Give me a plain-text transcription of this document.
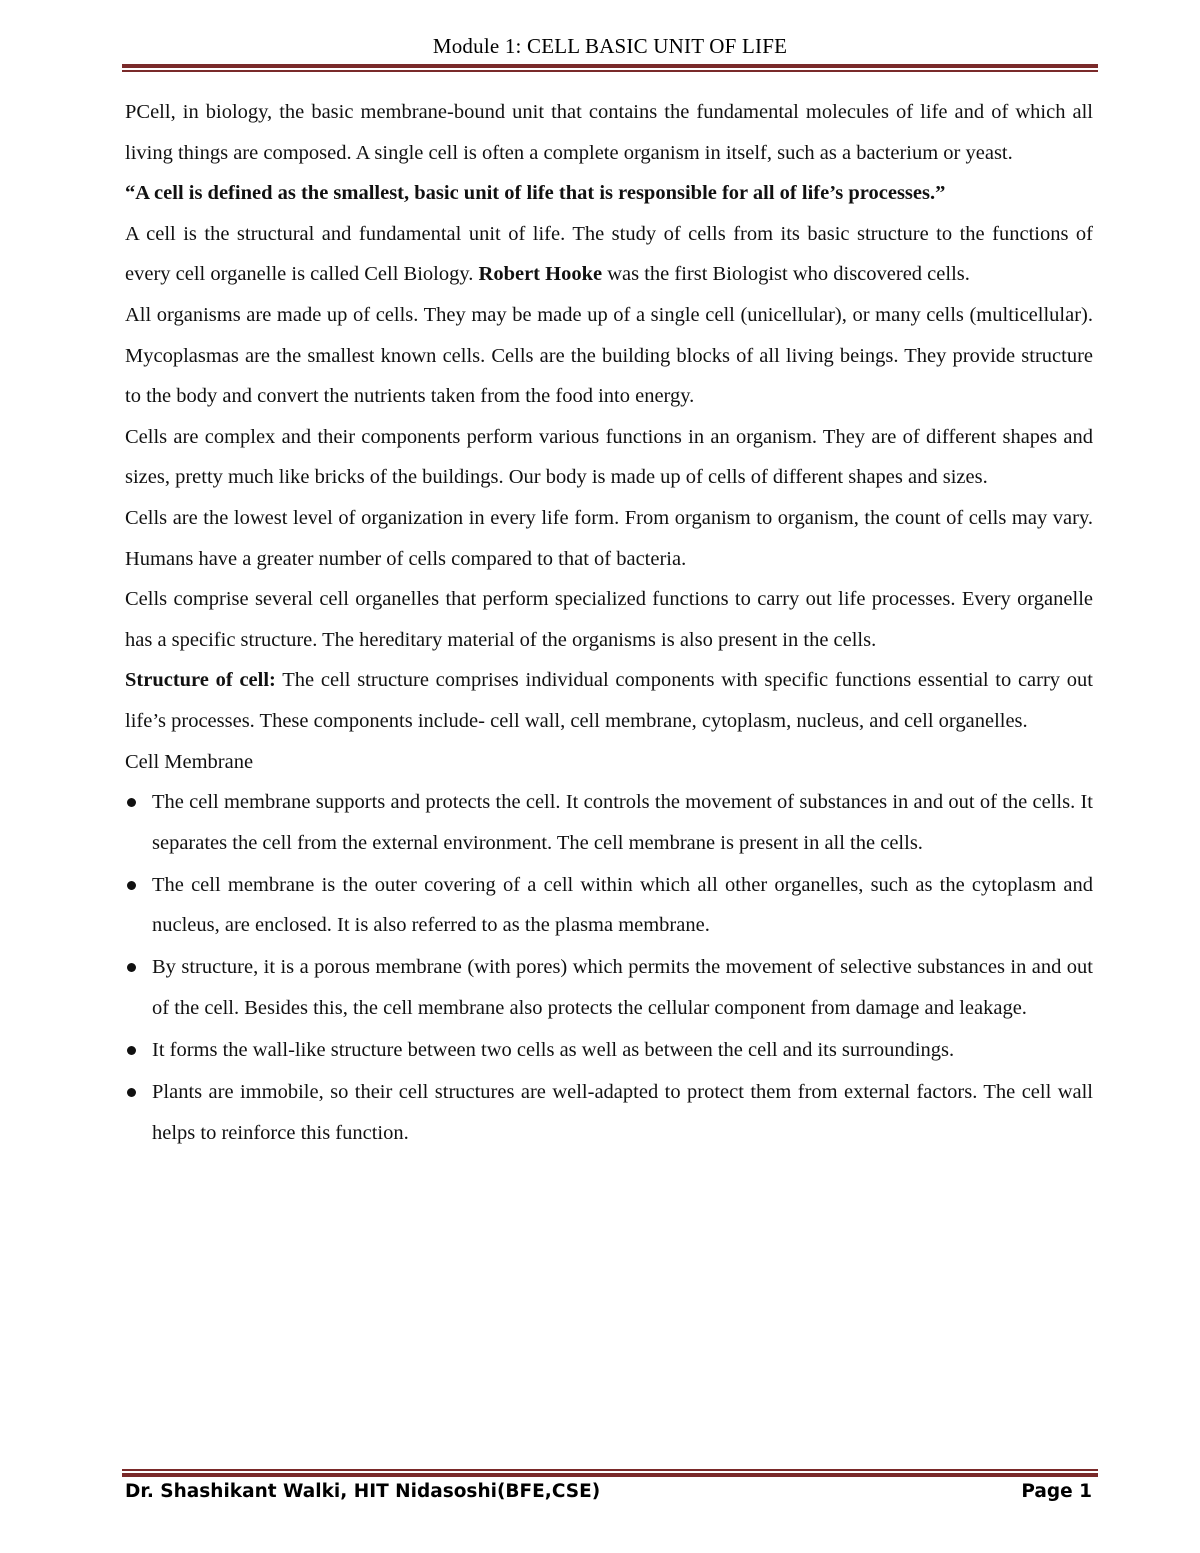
Module 1: CELL BASIC UNIT OF LIFE

PCell, in biology, the basic membrane-bound unit that contains the fundamental molecules of life and of which all living things are composed. A single cell is often a complete organism in itself, such as a bacterium or yeast.

“A cell is defined as the smallest, basic unit of life that is responsible for all of life’s processes.”

A cell is the structural and fundamental unit of life. The study of cells from its basic structure to the functions of every cell organelle is called Cell Biology. Robert Hooke was the first Biologist who discovered cells.

All organisms are made up of cells. They may be made up of a single cell (unicellular), or many cells (multicellular). Mycoplasmas are the smallest known cells. Cells are the building blocks of all living beings. They provide structure to the body and convert the nutrients taken from the food into energy.

Cells are complex and their components perform various functions in an organism. They are of different shapes and sizes, pretty much like bricks of the buildings. Our body is made up of cells of different shapes and sizes.

Cells are the lowest level of organization in every life form. From organism to organism, the count of cells may vary. Humans have a greater number of cells compared to that of bacteria.

Cells comprise several cell organelles that perform specialized functions to carry out life processes. Every organelle has a specific structure. The hereditary material of the organisms is also present in the cells.

Structure of cell: The cell structure comprises individual components with specific functions essential to carry out life’s processes. These components include- cell wall, cell membrane, cytoplasm, nucleus, and cell organelles.

Cell Membrane

The cell membrane supports and protects the cell. It controls the movement of substances in and out of the cells. It separates the cell from the external environment. The cell membrane is present in all the cells.
The cell membrane is the outer covering of a cell within which all other organelles, such as the cytoplasm and nucleus, are enclosed. It is also referred to as the plasma membrane.
By structure, it is a porous membrane (with pores) which permits the movement of selective substances in and out of the cell. Besides this, the cell membrane also protects the cellular component from damage and leakage.
It forms the wall-like structure between two cells as well as between the cell and its surroundings.
Plants are immobile, so their cell structures are well-adapted to protect them from external factors. The cell wall helps to reinforce this function.
Dr. Shashikant Walki, HIT Nidasoshi(BFE,CSE)	Page 1
